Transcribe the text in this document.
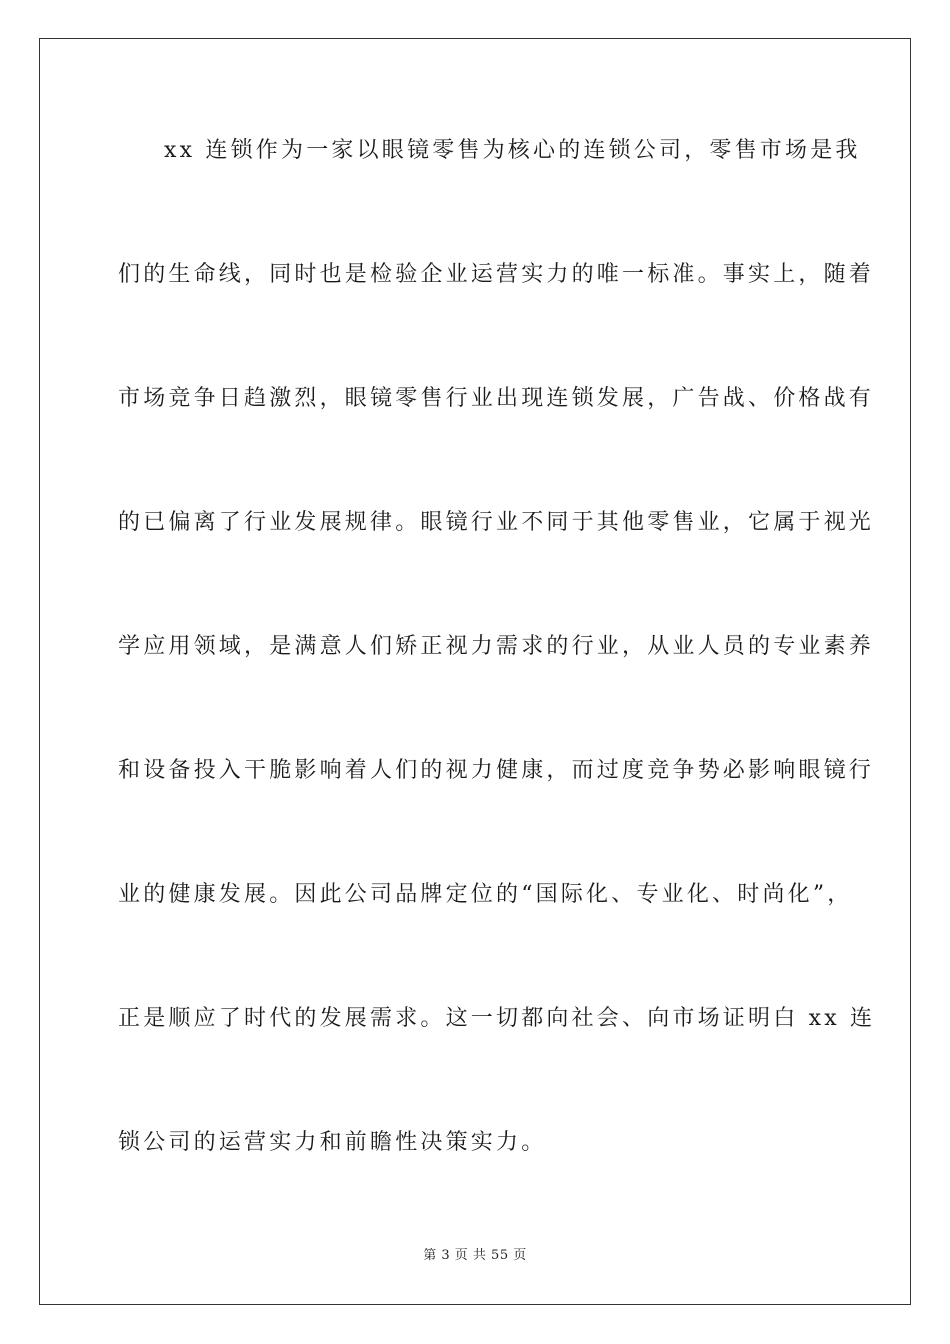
xx 连锁作为一家以眼镜零售为核心的连锁公司，零售市场是我
们的生命线，同时也是检验企业运营实力的唯一标准。事实上，随着
市场竞争日趋激烈，眼镜零售行业出现连锁发展，广告战、价格战有
的已偏离了行业发展规律。眼镜行业不同于其他零售业，它属于视光
学应用领域，是满意人们矫正视力需求的行业，从业人员的专业素养
和设备投入干脆影响着人们的视力健康，而过度竞争势必影响眼镜行
业的健康发展。因此公司品牌定位的“国际化、专业化、时尚化”，
正是顺应了时代的发展需求。这一切都向社会、向市场证明白 xx 连
锁公司的运营实力和前瞻性决策实力。
第 3 页 共 55 页
